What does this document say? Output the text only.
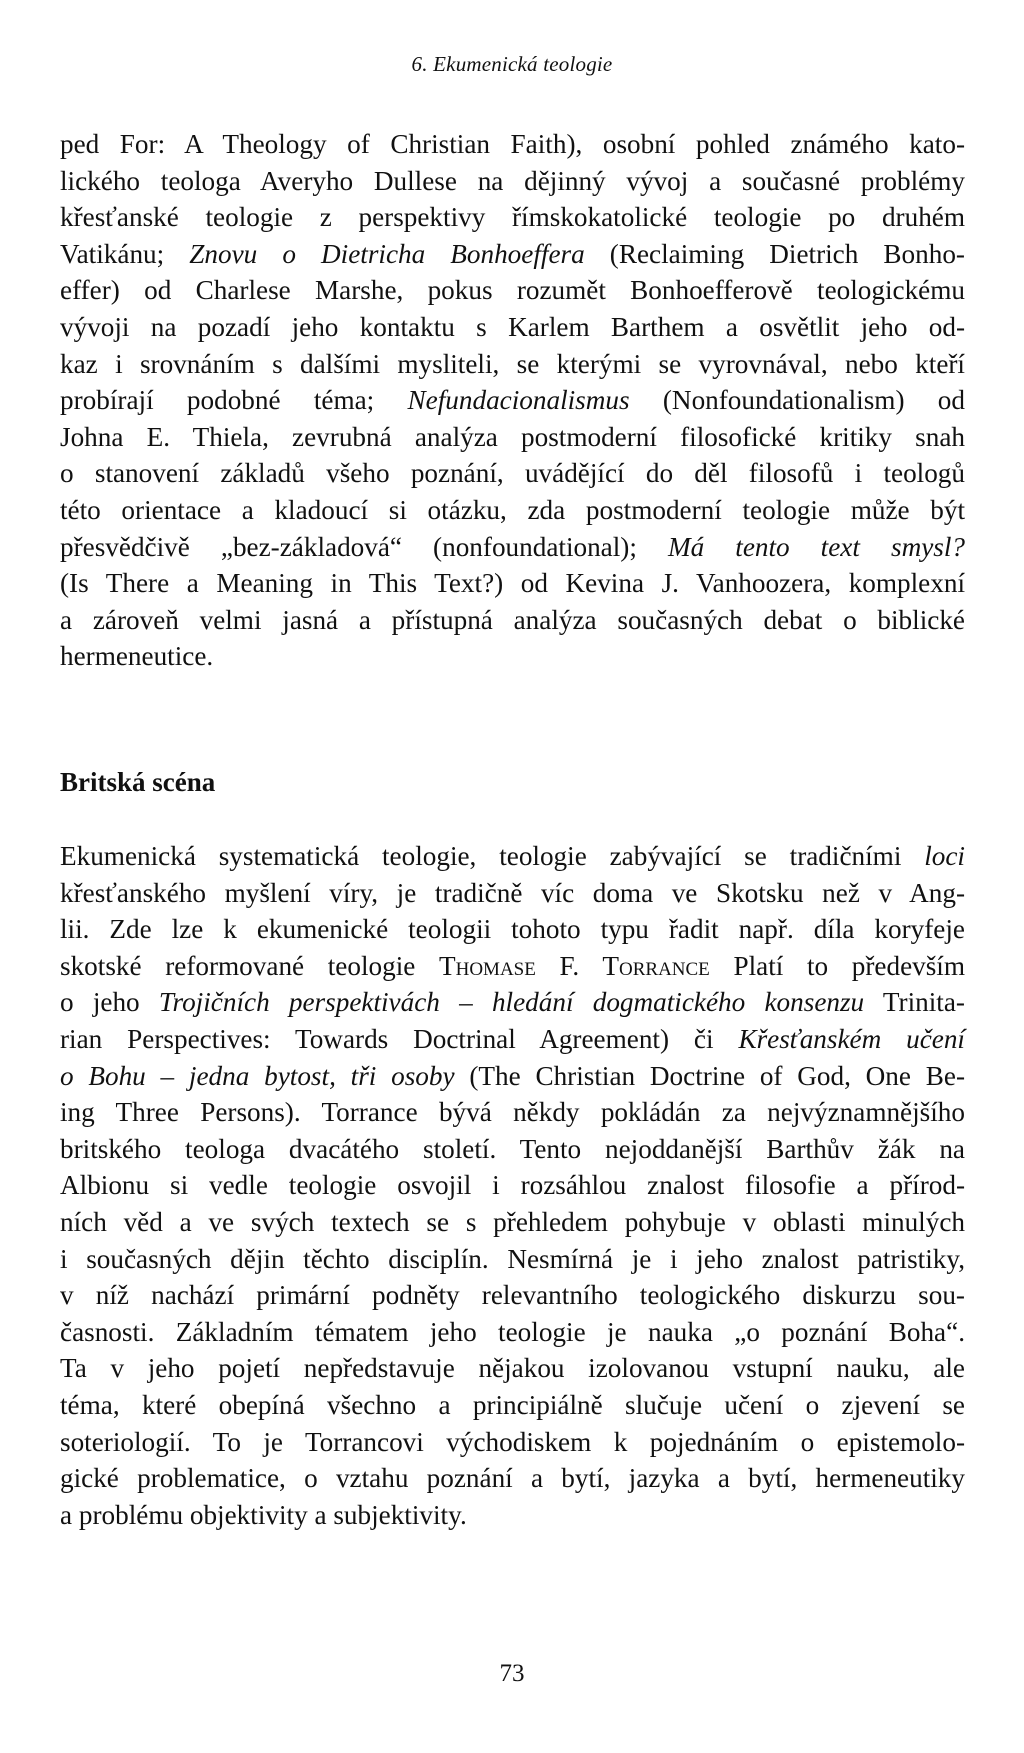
6. Ekumenická teologie
ped For: A Theology of Christian Faith), osobní pohled známého kato-
lického teologa Averyho Dullese na dějinný vývoj a současné problémy
křesťanské teologie z perspektivy římskokatolické teologie po druhém
Vatikánu; Znovu o Dietricha Bonhoeffera (Reclaiming Dietrich Bonho-
effer) od Charlese Marshe, pokus rozumět Bonhoefferově teologickému
vývoji na pozadí jeho kontaktu s Karlem Barthem a osvětlit jeho od-
kaz i srovnáním s dalšími mysliteli, se kterými se vyrovnával, nebo kteří
probírají podobné téma; Nefundacionalismus (Nonfoundationalism) od
Johna E. Thiela, zevrubná analýza postmoderní filosofické kritiky snah
o stanovení základů všeho poznání, uvádějící do děl filosofů i teologů
této orientace a kladoucí si otázku, zda postmoderní teologie může být
přesvědčivě „bez-základová“ (nonfoundational); Má tento text smysl?
(Is There a Meaning in This Text?) od Kevina J. Vanhoozera, komplexní
a zároveň velmi jasná a přístupná analýza současných debat o biblické
hermeneutice.
Britská scéna
Ekumenická systematická teologie, teologie zabývající se tradičními loci
křesťanského myšlení víry, je tradičně víc doma ve Skotsku než v Ang-
lii. Zde lze k ekumenické teologii tohoto typu řadit např. díla koryfeje
skotské reformované teologie Thomase F. Torrance Platí to především
o jeho Trojičních perspektivách – hledání dogmatického konsenzu Trinita-
rian Perspectives: Towards Doctrinal Agreement) či Křesťanském učení
o Bohu – jedna bytost, tři osoby (The Christian Doctrine of God, One Be-
ing Three Persons). Torrance bývá někdy pokládán za nejvýznamnějšího
britského teologa dvacátého století. Tento nejoddanější Barthův žák na
Albionu si vedle teologie osvojil i rozsáhlou znalost filosofie a přírod-
ních věd a ve svých textech se s přehledem pohybuje v oblasti minulých
i současných dějin těchto disciplín. Nesmírná je i jeho znalost patristiky,
v níž nachází primární podněty relevantního teologického diskurzu sou-
časnosti. Základním tématem jeho teologie je nauka „o poznání Boha“.
Ta v jeho pojetí nepředstavuje nějakou izolovanou vstupní nauku, ale
téma, které obepíná všechno a principiálně slučuje učení o zjevení se
soteriologií. To je Torrancovi východiskem k pojednáním o epistemolo-
gické problematice, o vztahu poznání a bytí, jazyka a bytí, hermeneutiky
a problému objektivity a subjektivity.
73
